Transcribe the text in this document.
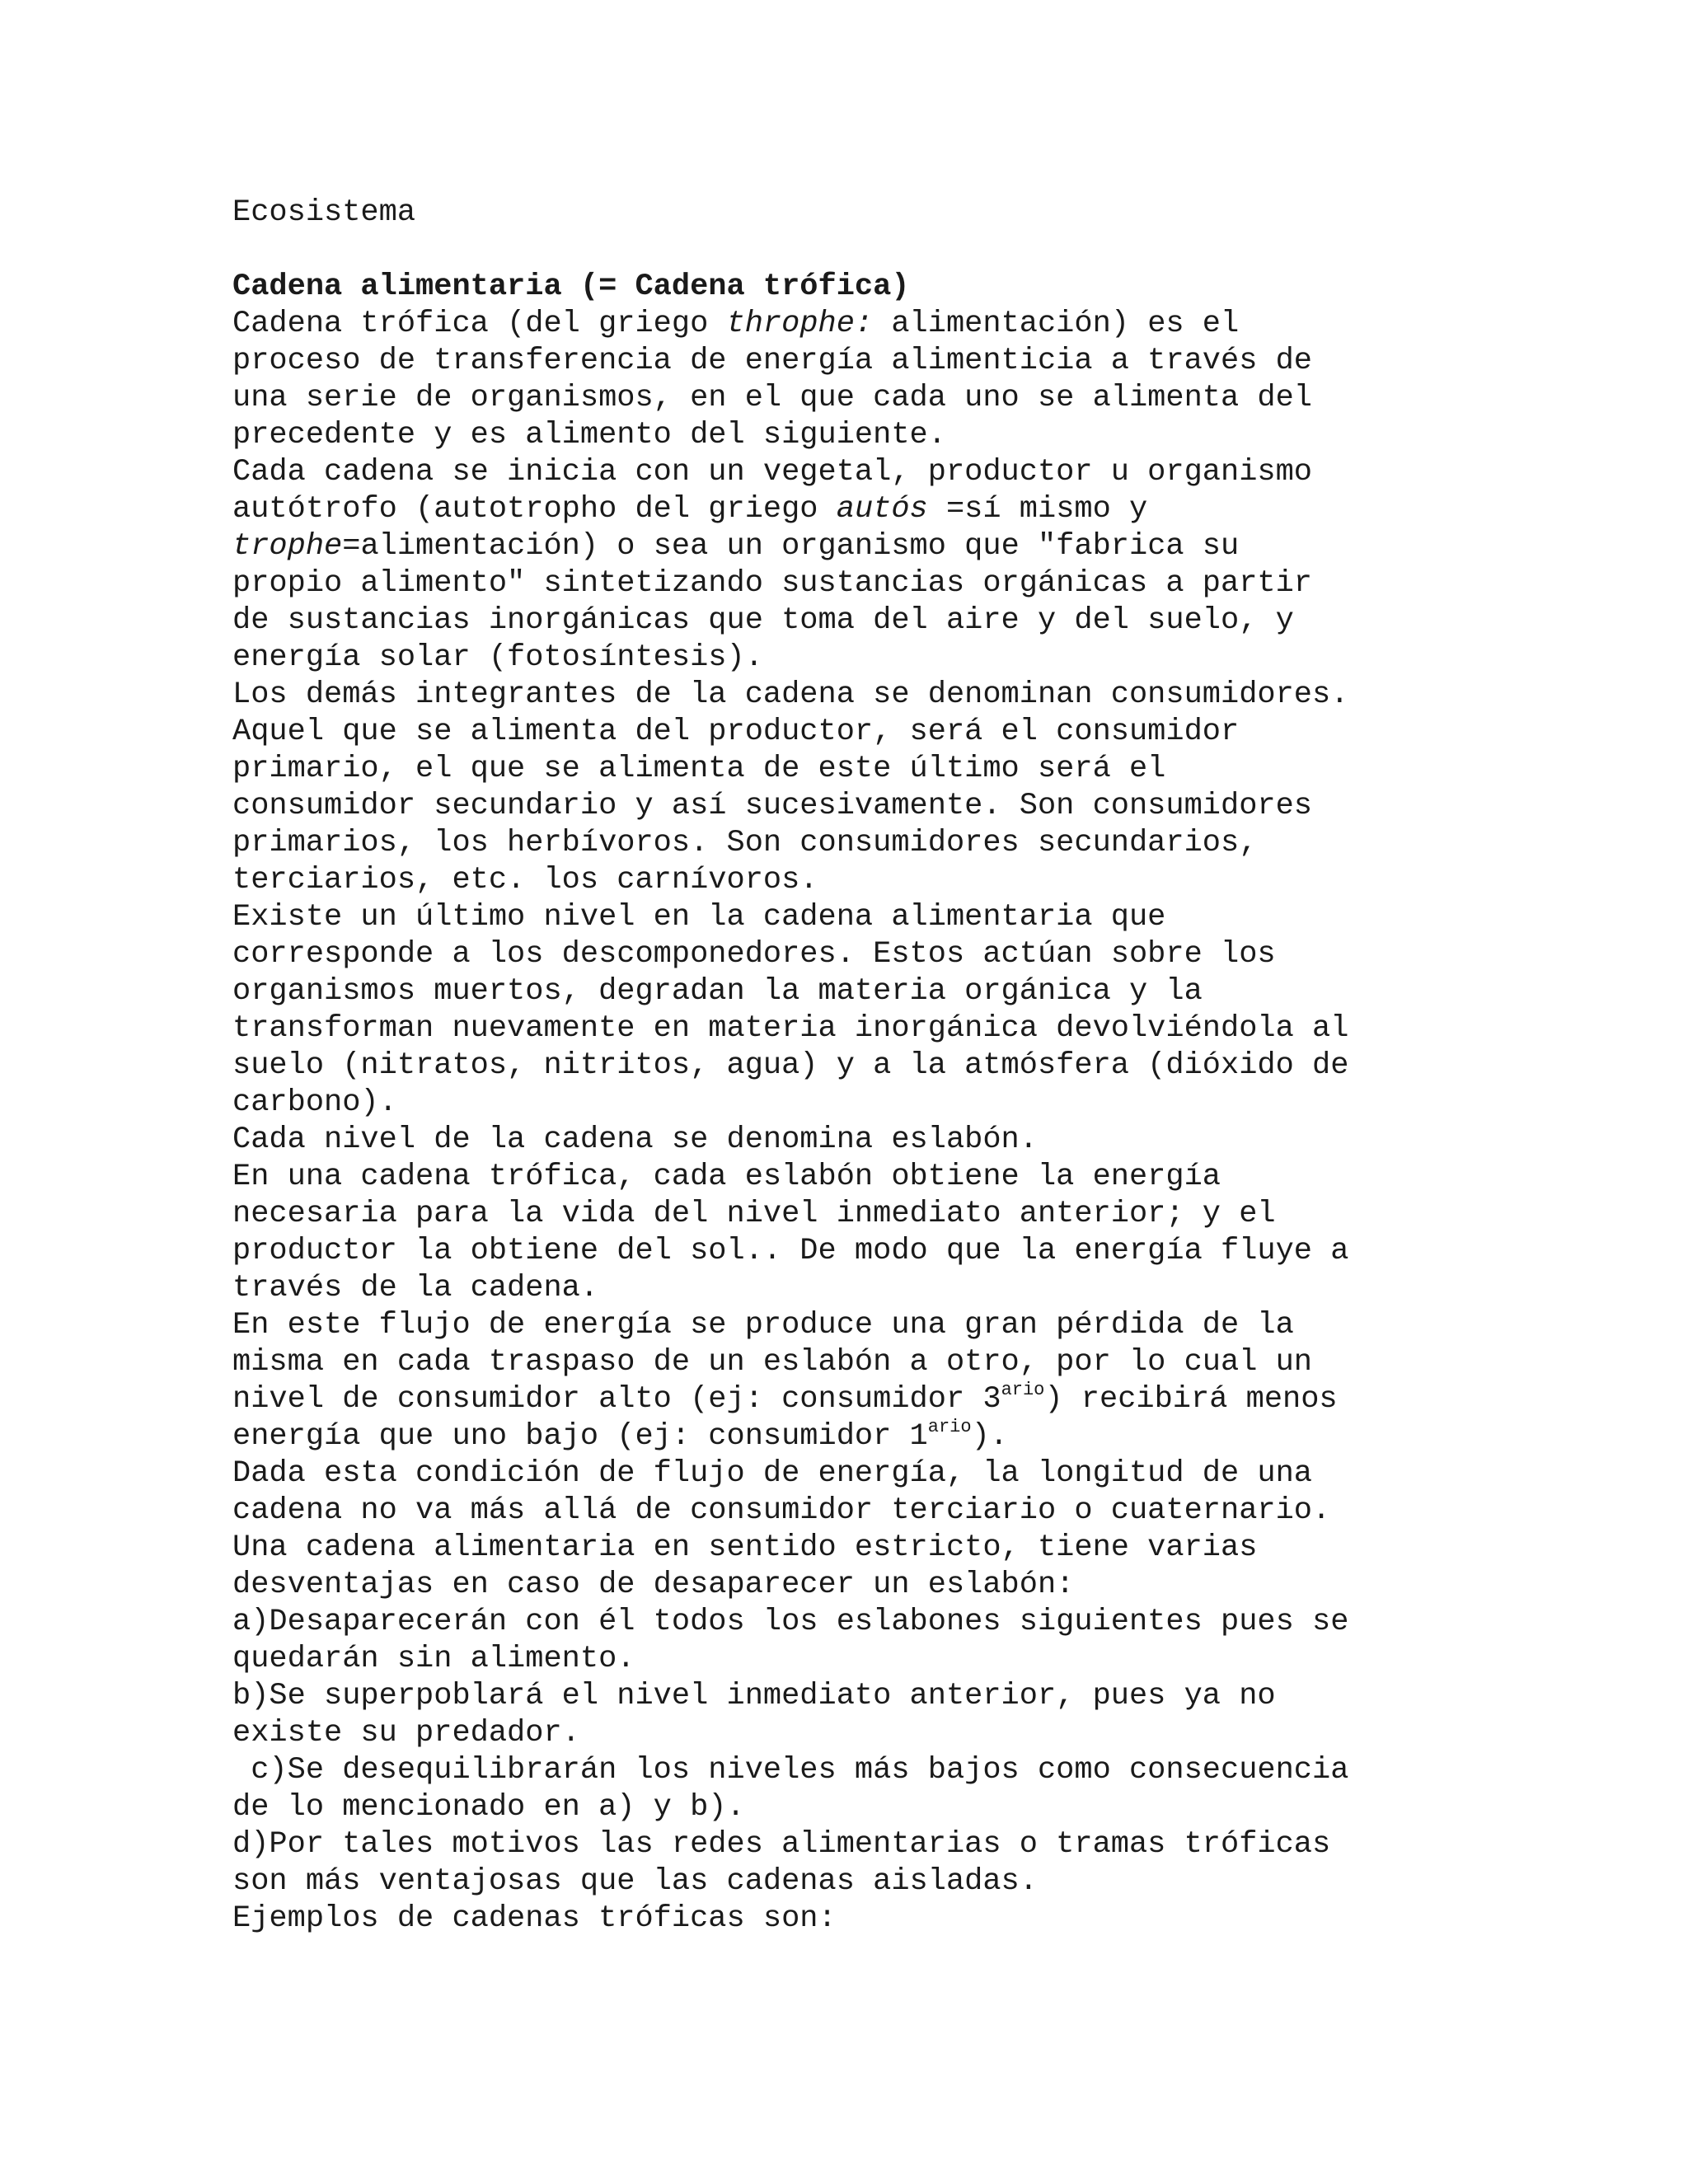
Ecosistema

Cadena alimentaria (= Cadena trófica)

Cadena trófica (del griego throphe: alimentación) es el

proceso de transferencia de energía alimenticia a través de

una serie de organismos, en el que cada uno se alimenta del

precedente y es alimento del siguiente.

Cada cadena se inicia con un vegetal, productor u organismo

autótrofo (autotropho del griego autós =sí mismo y

trophe=alimentación) o sea un organismo que "fabrica su

propio alimento" sintetizando sustancias orgánicas a partir

de sustancias inorgánicas que toma del aire y del suelo, y

energía solar (fotosíntesis).

Los demás integrantes de la cadena se denominan consumidores.

Aquel que se alimenta del productor, será el consumidor

primario, el que se alimenta de este último será el

consumidor secundario y así sucesivamente. Son consumidores

primarios, los herbívoros. Son consumidores secundarios,

terciarios, etc. los carnívoros.

Existe un último nivel en la cadena alimentaria que

corresponde a los descomponedores. Estos actúan sobre los

organismos muertos, degradan la materia orgánica y la

transforman nuevamente en materia inorgánica devolviéndola al

suelo (nitratos, nitritos, agua) y a la atmósfera (dióxido de

carbono).

Cada nivel de la cadena se denomina eslabón.

En una cadena trófica, cada eslabón obtiene la energía

necesaria para la vida del nivel inmediato anterior; y el

productor la obtiene del sol.. De modo que la energía fluye a

través de la cadena.

En este flujo de energía se produce una gran pérdida de la

misma en cada traspaso de un eslabón a otro, por lo cual un

nivel de consumidor alto (ej: consumidor $3^{ario}$) recibirá menos

energía que uno bajo (ej: consumidor $1^{ario}$).

Dada esta condición de flujo de energía, la longitud de una

cadena no va más allá de consumidor terciario o cuaternario.

Una cadena alimentaria en sentido estricto, tiene varias

desventajas en caso de desaparecer un eslabón:

a)Desaparecerán con él todos los eslabones siguientes pues se

quedarán sin alimento.

b)Se superpoblará el nivel inmediato anterior, pues ya no

existe su predador.

c)Se desequilibrarán los niveles más bajos como consecuencia

de lo mencionado en a) y b).

d)Por tales motivos las redes alimentarias o tramas tróficas

son más ventajosas que las cadenas aisladas.

Ejemplos de cadenas tróficas son:
